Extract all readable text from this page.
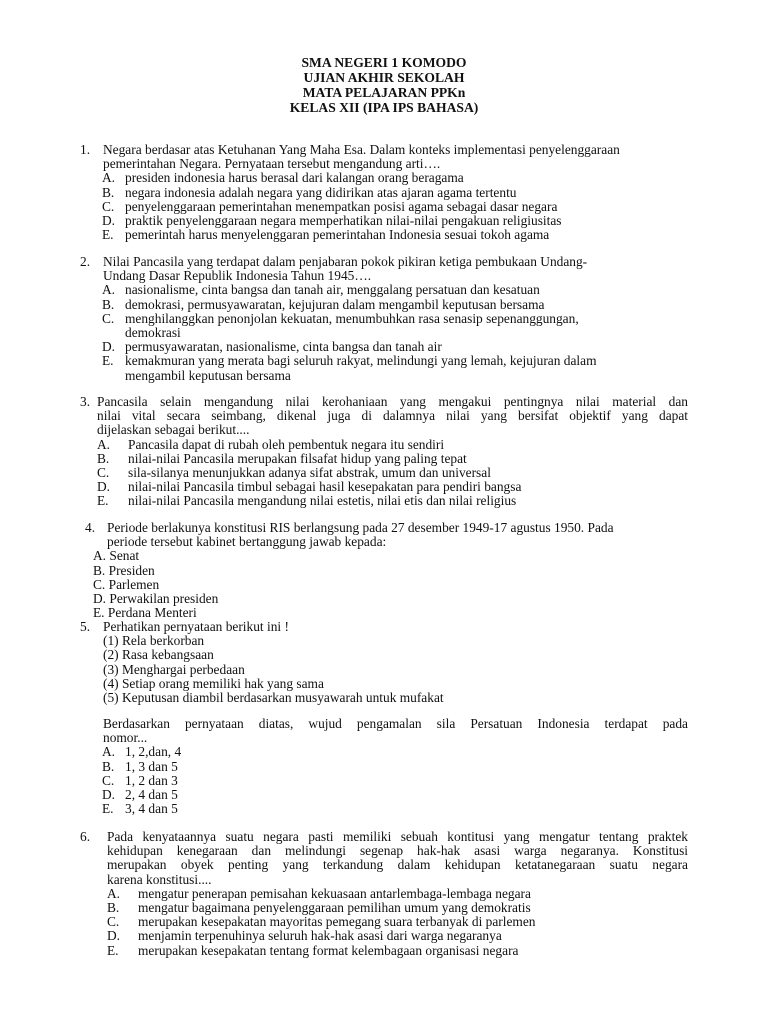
SMA NEGERI 1 KOMODO
UJIAN AKHIR SEKOLAH
MATA PELAJARAN PPKn
KELAS XII (IPA IPS BAHASA)
1. Negara berdasar atas Ketuhanan Yang Maha Esa. Dalam konteks implementasi penyelenggaraan
pemerintahan Negara. Pernyataan tersebut mengandung arti….
A. presiden indonesia harus berasal dari kalangan orang beragama
B. negara indonesia adalah negara yang didirikan atas ajaran agama tertentu
C. penyelenggaraan pemerintahan menempatkan posisi agama sebagai dasar negara
D. praktik penyelenggaraan negara memperhatikan nilai-nilai pengakuan religiusitas
E. pemerintah harus menyelenggaran pemerintahan Indonesia sesuai tokoh agama
2. Nilai Pancasila yang terdapat dalam penjabaran pokok pikiran ketiga pembukaan Undang-
Undang Dasar Republik Indonesia Tahun 1945….
A. nasionalisme, cinta bangsa dan tanah air, menggalang persatuan dan kesatuan
B. demokrasi, permusyawaratan, kejujuran dalam mengambil keputusan bersama
C. menghilanggkan penonjolan kekuatan, menumbuhkan rasa senasip sepenanggungan,
demokrasi
D. permusyawaratan, nasionalisme, cinta bangsa dan tanah air
E. kemakmuran yang merata bagi seluruh rakyat, melindungi yang lemah, kejujuran dalam
mengambil keputusan bersama
3. Pancasila selain mengandung nilai kerohaniaan yang mengakui pentingnya nilai material dan
nilai vital secara seimbang, dikenal juga di dalamnya nilai yang bersifat objektif yang dapat
dijelaskan sebagai berikut....
A. Pancasila dapat di rubah oleh pembentuk negara itu sendiri
B. nilai-nilai Pancasila merupakan filsafat hidup yang paling tepat
C. sila-silanya menunjukkan adanya sifat abstrak, umum dan universal
D. nilai-nilai Pancasila timbul sebagai hasil kesepakatan para pendiri bangsa
E. nilai-nilai Pancasila mengandung nilai estetis, nilai etis dan nilai religius
4. Periode berlakunya konstitusi RIS berlangsung pada 27 desember 1949-17 agustus 1950. Pada
periode tersebut kabinet bertanggung jawab kepada:
A. Senat
B. Presiden
C. Parlemen
D. Perwakilan presiden
E. Perdana Menteri
5. Perhatikan pernyataan berikut ini !
(1) Rela berkorban
(2) Rasa kebangsaan
(3) Menghargai perbedaan
(4) Setiap orang memiliki hak yang sama
(5) Keputusan diambil berdasarkan musyawarah untuk mufakat
Berdasarkan pernyataan diatas, wujud pengamalan sila Persatuan Indonesia terdapat pada
nomor...
A. 1, 2,dan, 4
B. 1, 3 dan 5
C. 1, 2 dan 3
D. 2, 4 dan 5
E. 3, 4 dan 5
6. Pada kenyataannya suatu negara pasti memiliki sebuah kontitusi yang mengatur tentang praktek
kehidupan kenegaraan dan melindungi segenap hak-hak asasi warga negaranya. Konstitusi
merupakan obyek penting yang terkandung dalam kehidupan ketatanegaraan suatu negara
karena konstitusi....
A. mengatur penerapan pemisahan kekuasaan antarlembaga-lembaga negara
B. mengatur bagaimana penyelenggaraan pemilihan umum yang demokratis
C. merupakan kesepakatan mayoritas pemegang suara terbanyak di parlemen
D. menjamin terpenuhinya seluruh hak-hak asasi dari warga negaranya
E. merupakan kesepakatan tentang format kelembagaan organisasi negara
